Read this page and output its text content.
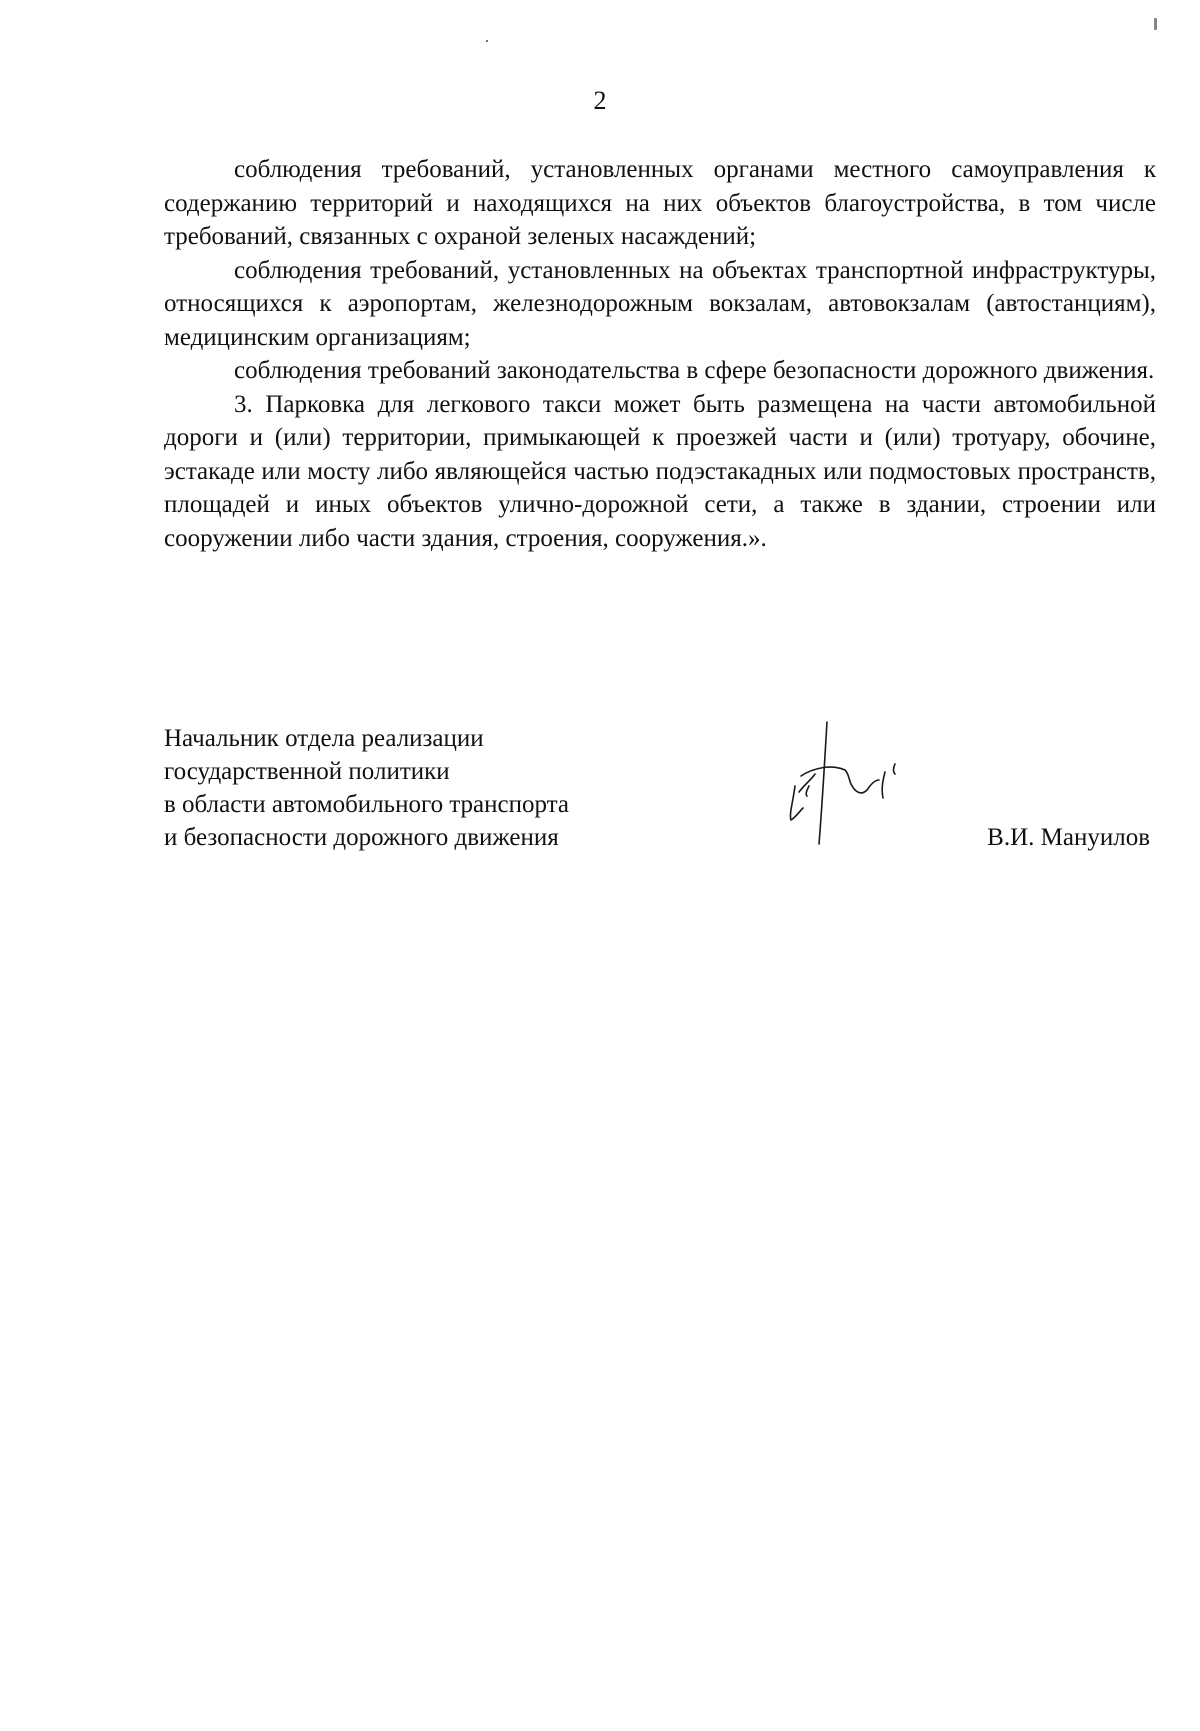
2

соблюдения требований, установленных органами местного самоуправления к содержанию территорий и находящихся на них объектов благоустройства, в том числе требований, связанных с охраной зеленых насаждений;

соблюдения требований, установленных на объектах транспортной инфраструктуры, относящихся к аэропортам, железнодорожным вокзалам, автовокзалам (автостанциям), медицинским организациям;

соблюдения требований законодательства в сфере безопасности дорожного движения.

3. Парковка для легкового такси может быть размещена на части автомобильной дороги и (или) территории, примыкающей к проезжей части и (или) тротуару, обочине, эстакаде или мосту либо являющейся частью подэстакадных или подмостовых пространств, площадей и иных объектов улично-дорожной сети, а также в здании, строении или сооружении либо части здания, строения, сооружения.».

Начальник отдела реализации
государственной политики
в области автомобильного транспорта
и безопасности дорожного движения	В.И. Мануилов
